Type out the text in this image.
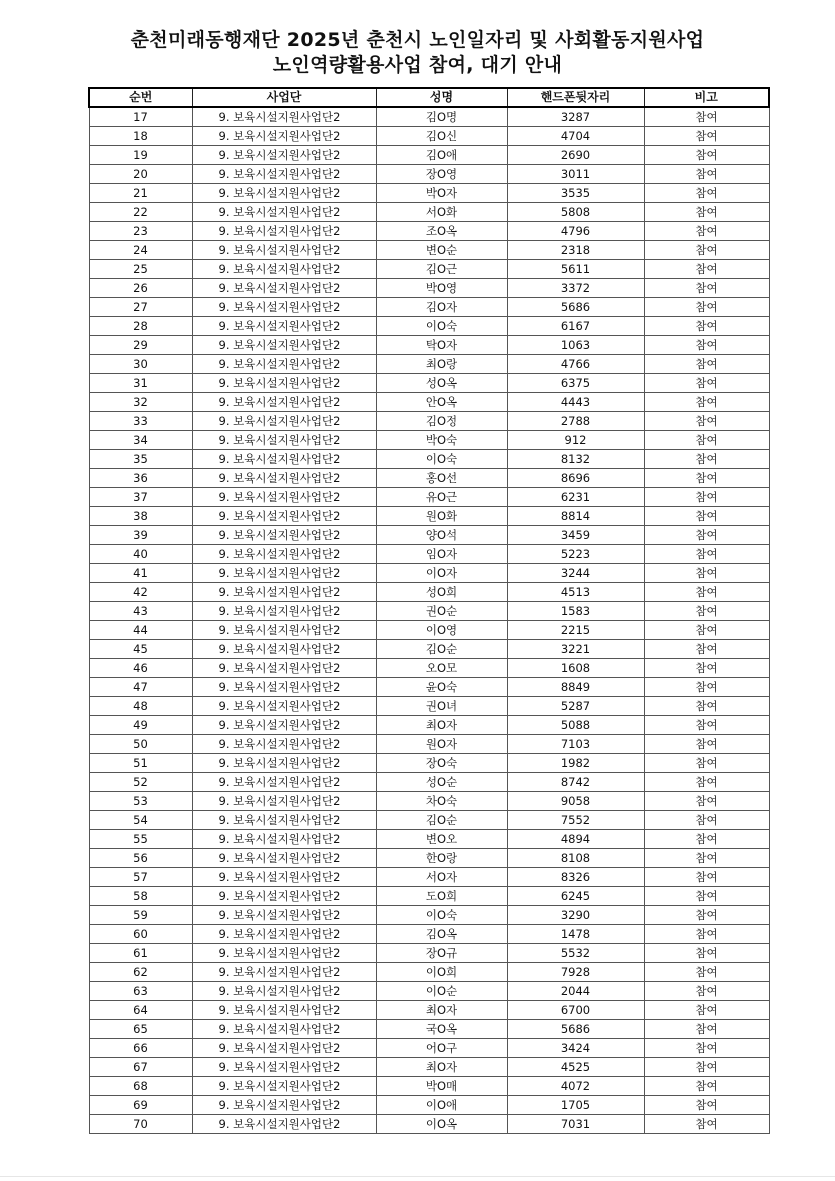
춘천미래동행재단 2025년 춘천시 노인일자리 및 사회활동지원사업
노인역량활용사업 참여, 대기 안내
순번	사업단	성명	핸드폰뒷자리	비고
17	9. 보육시설지원사업단2	김O명	3287	참여
18	9. 보육시설지원사업단2	김O신	4704	참여
19	9. 보육시설지원사업단2	김O애	2690	참여
20	9. 보육시설지원사업단2	장O영	3011	참여
21	9. 보육시설지원사업단2	박O자	3535	참여
22	9. 보육시설지원사업단2	서O화	5808	참여
23	9. 보육시설지원사업단2	조O옥	4796	참여
24	9. 보육시설지원사업단2	변O순	2318	참여
25	9. 보육시설지원사업단2	김O근	5611	참여
26	9. 보육시설지원사업단2	박O영	3372	참여
27	9. 보육시설지원사업단2	김O자	5686	참여
28	9. 보육시설지원사업단2	이O숙	6167	참여
29	9. 보육시설지원사업단2	탁O자	1063	참여
30	9. 보육시설지원사업단2	최O랑	4766	참여
31	9. 보육시설지원사업단2	성O옥	6375	참여
32	9. 보육시설지원사업단2	안O옥	4443	참여
33	9. 보육시설지원사업단2	김O정	2788	참여
34	9. 보육시설지원사업단2	박O숙	912	참여
35	9. 보육시설지원사업단2	이O숙	8132	참여
36	9. 보육시설지원사업단2	홍O선	8696	참여
37	9. 보육시설지원사업단2	유O근	6231	참여
38	9. 보육시설지원사업단2	원O화	8814	참여
39	9. 보육시설지원사업단2	양O석	3459	참여
40	9. 보육시설지원사업단2	임O자	5223	참여
41	9. 보육시설지원사업단2	이O자	3244	참여
42	9. 보육시설지원사업단2	성O희	4513	참여
43	9. 보육시설지원사업단2	권O순	1583	참여
44	9. 보육시설지원사업단2	이O영	2215	참여
45	9. 보육시설지원사업단2	김O순	3221	참여
46	9. 보육시설지원사업단2	오O모	1608	참여
47	9. 보육시설지원사업단2	윤O숙	8849	참여
48	9. 보육시설지원사업단2	권O녀	5287	참여
49	9. 보육시설지원사업단2	최O자	5088	참여
50	9. 보육시설지원사업단2	원O자	7103	참여
51	9. 보육시설지원사업단2	장O숙	1982	참여
52	9. 보육시설지원사업단2	성O순	8742	참여
53	9. 보육시설지원사업단2	차O숙	9058	참여
54	9. 보육시설지원사업단2	김O순	7552	참여
55	9. 보육시설지원사업단2	변O오	4894	참여
56	9. 보육시설지원사업단2	한O랑	8108	참여
57	9. 보육시설지원사업단2	서O자	8326	참여
58	9. 보육시설지원사업단2	도O희	6245	참여
59	9. 보육시설지원사업단2	이O숙	3290	참여
60	9. 보육시설지원사업단2	김O옥	1478	참여
61	9. 보육시설지원사업단2	장O규	5532	참여
62	9. 보육시설지원사업단2	이O희	7928	참여
63	9. 보육시설지원사업단2	이O순	2044	참여
64	9. 보육시설지원사업단2	최O자	6700	참여
65	9. 보육시설지원사업단2	국O옥	5686	참여
66	9. 보육시설지원사업단2	어O구	3424	참여
67	9. 보육시설지원사업단2	최O자	4525	참여
68	9. 보육시설지원사업단2	박O매	4072	참여
69	9. 보육시설지원사업단2	이O애	1705	참여
70	9. 보육시설지원사업단2	이O옥	7031	참여
